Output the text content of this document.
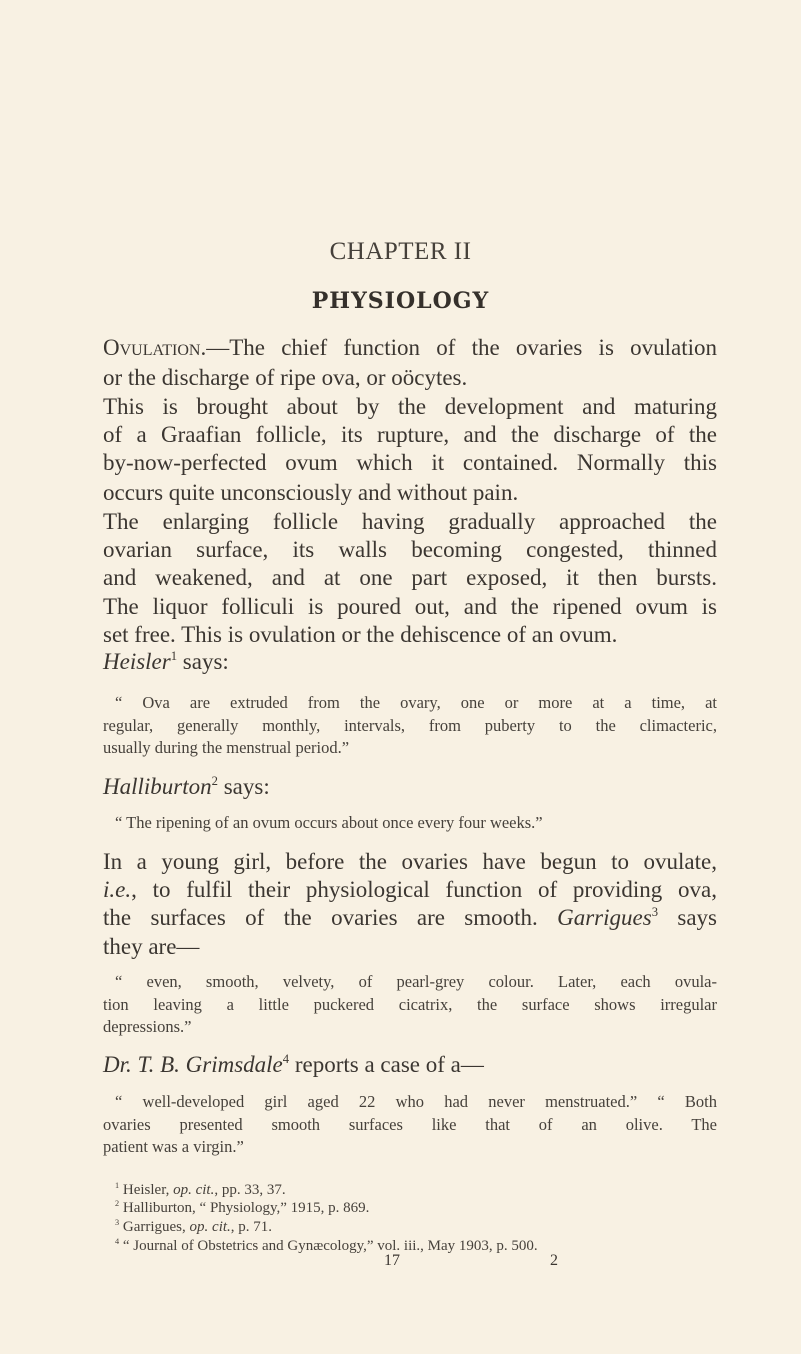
CHAPTER II
PHYSIOLOGY
Ovulation.—The chief function of the ovaries is ovulation
or the discharge of ripe ova, or oöcytes.
This is brought about by the development and maturing
of a Graafian follicle, its rupture, and the discharge of the
by-now-perfected ovum which it contained. Normally this
occurs quite unconsciously and without pain.
The enlarging follicle having gradually approached the
ovarian surface, its walls becoming congested, thinned
and weakened, and at one part exposed, it then bursts.
The liquor folliculi is poured out, and the ripened ovum is
set free. This is ovulation or the dehiscence of an ovum.
Heisler$^1$ says:
“ Ova are extruded from the ovary, one or more at a time, at
regular, generally monthly, intervals, from puberty to the climacteric,
usually during the menstrual period.”
Halliburton$^2$ says:
“ The ripening of an ovum occurs about once every four weeks.”
In a young girl, before the ovaries have begun to ovulate,
i.e., to fulfil their physiological function of providing ova,
the surfaces of the ovaries are smooth. Garrigues$^3$ says
they are—
“ even, smooth, velvety, of pearl-grey colour. Later, each ovula-
tion leaving a little puckered cicatrix, the surface shows irregular
depressions.”
Dr. T. B. Grimsdale$^4$ reports a case of a—
“ well-developed girl aged 22 who had never menstruated.” “ Both
ovaries presented smooth surfaces like that of an olive. The
patient was a virgin.”
$^1$ Heisler, op. cit., pp. 33, 37.
$^2$ Halliburton, “ Physiology,” 1915, p. 869.
$^3$ Garrigues, op. cit., p. 71.
$^4$ “ Journal of Obstetrics and Gynæcology,” vol. iii., May 1903, p. 500.
17	2
